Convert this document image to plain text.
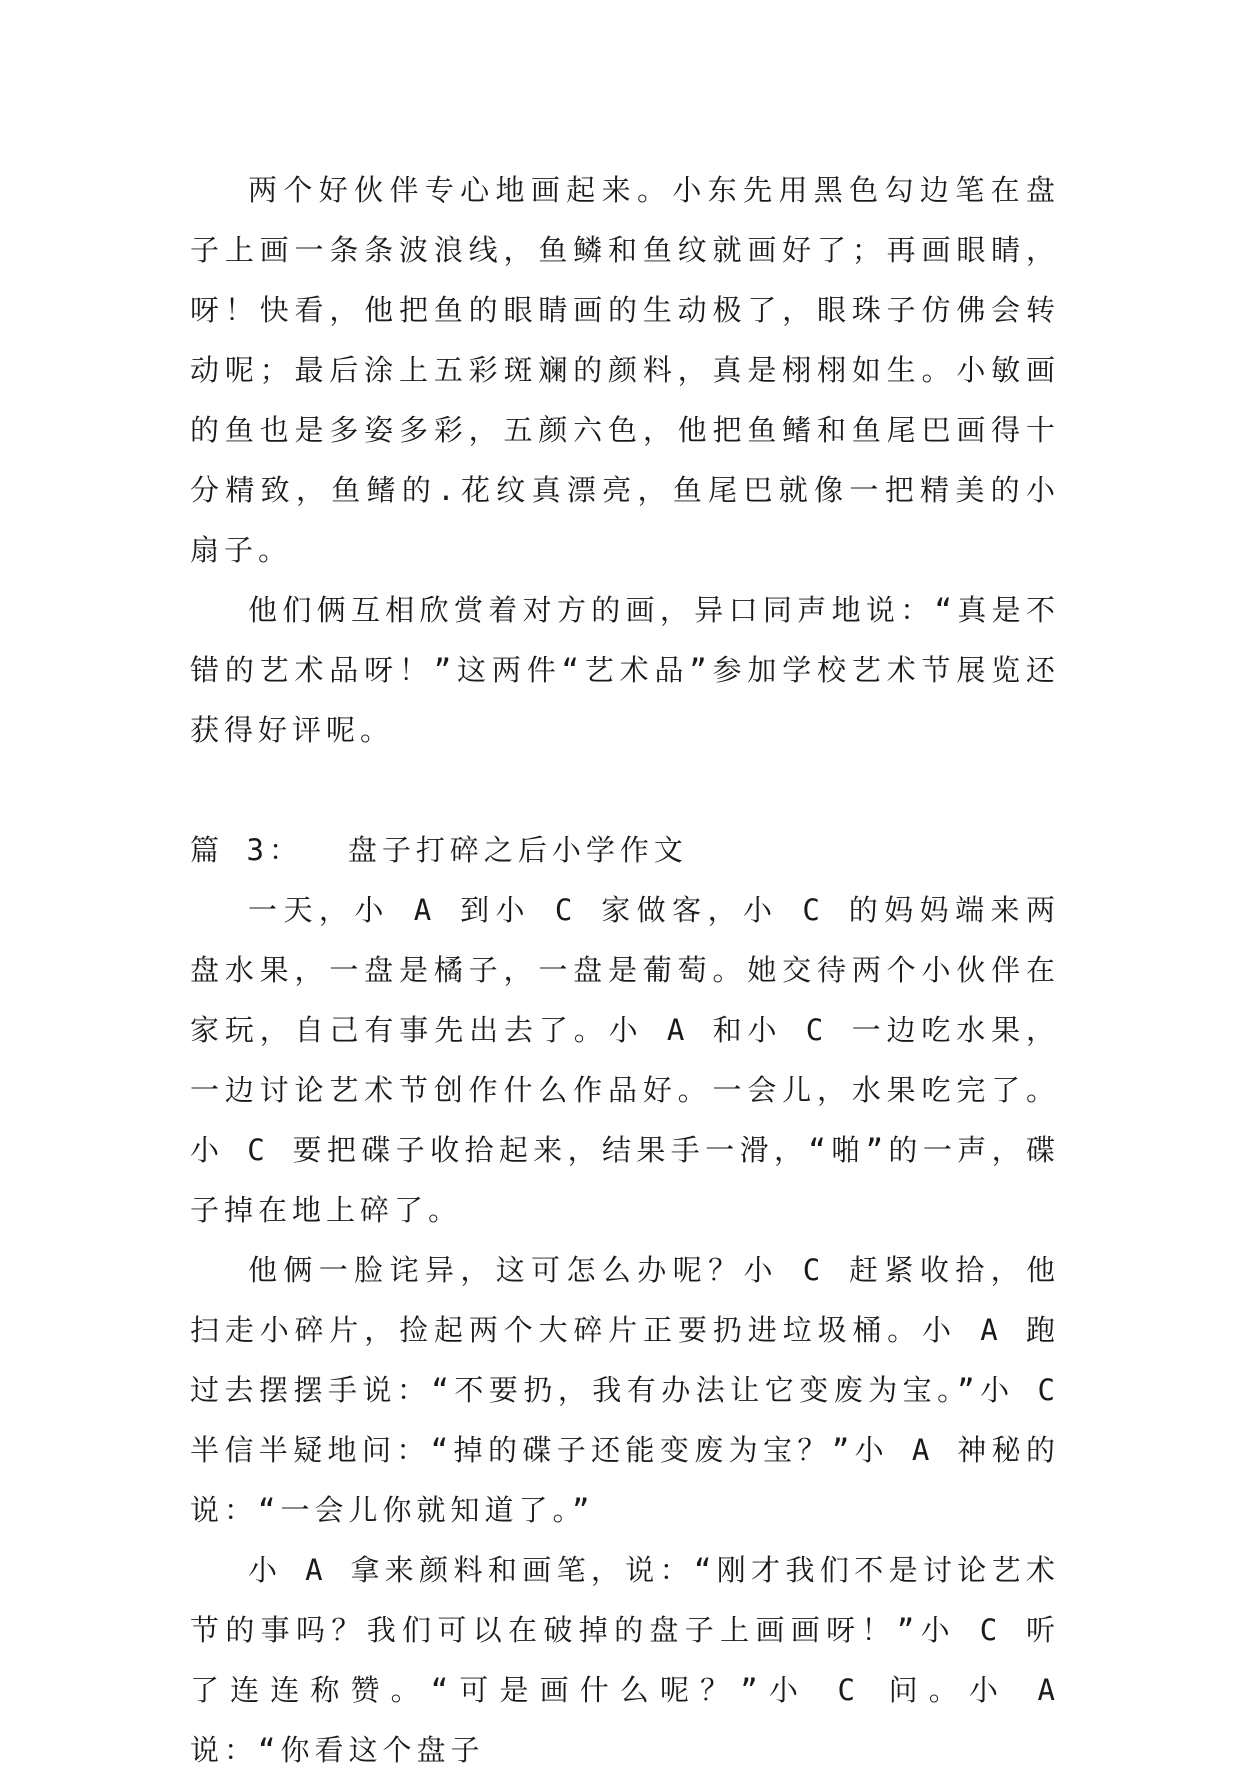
两个好伙伴专心地画起来。小东先用黑色勾边笔在盘子上画一条条波浪线，鱼鳞和鱼纹就画好了；再画眼睛，呀！快看，他把鱼的眼睛画的生动极了，眼珠子仿佛会转动呢；最后涂上五彩斑斓的颜料，真是栩栩如生。小敏画的鱼也是多姿多彩，五颜六色，他把鱼鳍和鱼尾巴画得十分精致，鱼鳍的.花纹真漂亮，鱼尾巴就像一把精美的小扇子。

他们俩互相欣赏着对方的画，异口同声地说：“真是不错的艺术品呀！”这两件“艺术品”参加学校艺术节展览还获得好评呢。

篇 3：  盘子打碎之后小学作文

一天，小 A 到小 C 家做客，小 C 的妈妈端来两盘水果，一盘是橘子，一盘是葡萄。她交待两个小伙伴在家玩，自己有事先出去了。小 A 和小 C 一边吃水果，一边讨论艺术节创作什么作品好。一会儿，水果吃完了。小 C 要把碟子收拾起来，结果手一滑，“啪”的一声，碟子掉在地上碎了。

他俩一脸诧异，这可怎么办呢？小 C 赶紧收拾，他扫走小碎片，捡起两个大碎片正要扔进垃圾桶。小 A 跑过去摆摆手说：“不要扔，我有办法让它变废为宝。”小 C 半信半疑地问：“掉的碟子还能变废为宝？”小 A 神秘的说：“一会儿你就知道了。”

小 A 拿来颜料和画笔，说：“刚才我们不是讨论艺术节的事吗？我们可以在破掉的盘子上画画呀！”小 C 听了连连称赞。“可是画什么呢？”小 C 问。小 A 说：“你看这个盘子
